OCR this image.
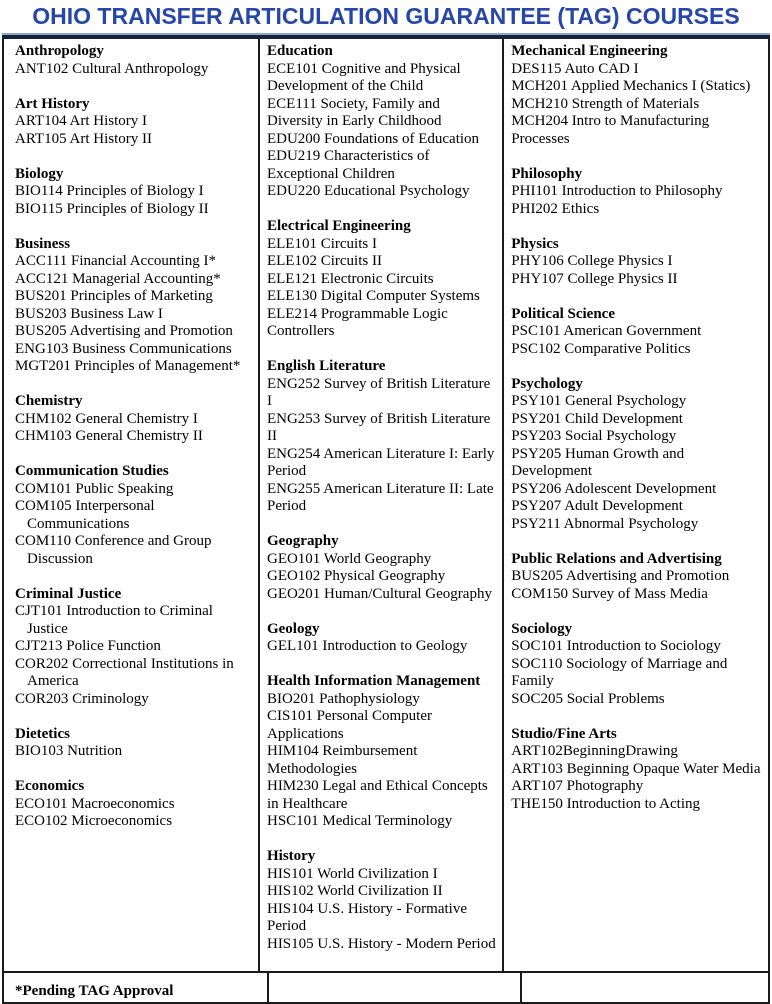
OHIO TRANSFER ARTICULATION GUARANTEE (TAG) COURSES
Anthropology
ANT102 Cultural Anthropology
Art History
ART104 Art History I
ART105 Art History II
Biology
BIO114 Principles of Biology I
BIO115 Principles of Biology II
Business
ACC111 Financial Accounting I*
ACC121 Managerial Accounting*
BUS201 Principles of Marketing
BUS203 Business Law I
BUS205 Advertising and Promotion
ENG103 Business Communications
MGT201 Principles of Management*
Chemistry
CHM102 General Chemistry I
CHM103 General Chemistry II
Communication Studies
COM101 Public Speaking
COM105 Interpersonal Communications
COM110 Conference and Group Discussion
Criminal Justice
CJT101 Introduction to Criminal Justice
CJT213 Police Function
COR202 Correctional Institutions in America
COR203 Criminology
Dietetics
BIO103 Nutrition
Economics
ECO101 Macroeconomics
ECO102 Microeconomics
Education
ECE101 Cognitive and Physical Development of the Child
ECE111 Society, Family and Diversity in Early Childhood
EDU200 Foundations of Education
EDU219 Characteristics of Exceptional Children
EDU220 Educational Psychology
Electrical Engineering
ELE101 Circuits I
ELE102 Circuits II
ELE121 Electronic Circuits
ELE130 Digital Computer Systems
ELE214 Programmable Logic Controllers
English Literature
ENG252 Survey of British Literature I
ENG253 Survey of British Literature II
ENG254 American Literature I: Early Period
ENG255 American Literature II: Late Period
Geography
GEO101 World Geography
GEO102 Physical Geography
GEO201 Human/Cultural Geography
Geology
GEL101 Introduction to Geology
Health Information Management
BIO201 Pathophysiology
CIS101 Personal Computer Applications
HIM104 Reimbursement Methodologies
HIM230 Legal and Ethical Concepts in Healthcare
HSC101 Medical Terminology
History
HIS101 World Civilization I
HIS102 World Civilization II
HIS104 U.S. History - Formative Period
HIS105 U.S. History - Modern Period
Mechanical Engineering
DES115 Auto CAD I
MCH201 Applied Mechanics I (Statics)
MCH210 Strength of Materials
MCH204 Intro to Manufacturing Processes
Philosophy
PHI101 Introduction to Philosophy
PHI202 Ethics
Physics
PHY106 College Physics I
PHY107 College Physics II
Political Science
PSC101 American Government
PSC102 Comparative Politics
Psychology
PSY101 General Psychology
PSY201 Child Development
PSY203 Social Psychology
PSY205 Human Growth and Development
PSY206 Adolescent Development
PSY207 Adult Development
PSY211 Abnormal Psychology
Public Relations and Advertising
BUS205 Advertising and Promotion
COM150 Survey of Mass Media
Sociology
SOC101 Introduction to Sociology
SOC110 Sociology of Marriage and Family
SOC205 Social Problems
Studio/Fine Arts
ART102BeginningDrawing
ART103 Beginning Opaque Water Media
ART107 Photography
THE150 Introduction to Acting
*Pending TAG Approval
